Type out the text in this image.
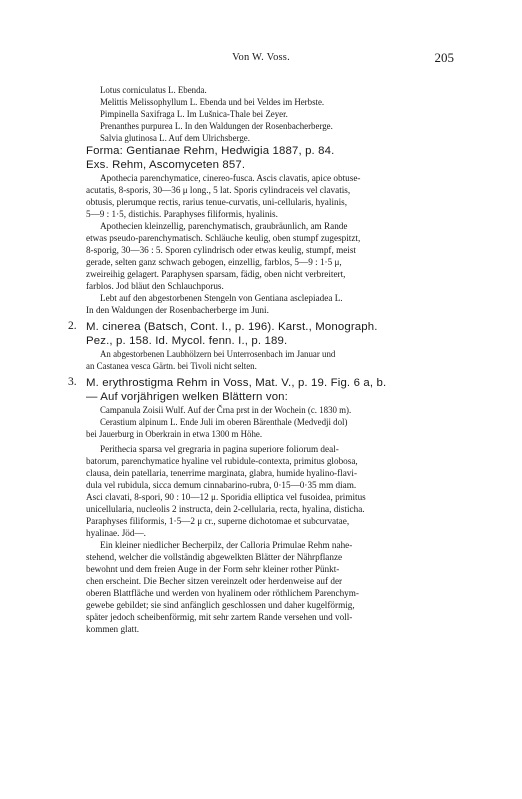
Von W. Voss.	205
Lotus corniculatus L. Ebenda.
Melittis Melissophyllum L. Ebenda und bei Veldes im Herbste.
Pimpinella Saxifraga L. Im Lušnica-Thale bei Zeyer.
Prenanthes purpurea L. In den Waldungen der Rosenbacherberge.
Salvia glutinosa L. Auf dem Ulrichsberge.
Forma: Gentianae Rehm, Hedwigia 1887, p. 84.
Exs. Rehm, Ascomyceten 857.
Apothecia parenchymatice, cinereo-fusca. Ascis clavatis, apice obtuse-
acutatis, 8-sporis, 30—36 μ long., 5 lat. Sporis cylindraceis vel clavatis,
obtusis, plerumque rectis, rarius tenue-curvatis, uni-cellularis, hyalinis,
5—9 : 1·5, distichis. Paraphyses filiformis, hyalinis.
Apothecien kleinzellig, parenchymatisch, graubräunlich, am Rande
etwas pseudo-parenchymatisch. Schläuche keulig, oben stumpf zugespitzt,
8-sporig, 30—36 : 5. Sporen cylindrisch oder etwas keulig, stumpf, meist
gerade, selten ganz schwach gebogen, einzellig, farblos, 5—9 : 1·5 μ,
zweireihig gelagert. Paraphysen sparsam, fädig, oben nicht verbreitert,
farblos. Jod bläut den Schlauchporus.
Lebt auf den abgestorbenen Stengeln von Gentiana asclepiadea L.
In den Waldungen der Rosenbacherberge im Juni.
2. M. cinerea (Batsch, Cont. I., p. 196). Karst., Monograph.
Pez., p. 158. Id. Mycol. fenn. I., p. 189.
An abgestorbenen Laubhölzern bei Unterrosenbach im Januar und
an Castanea vesca Gärtn. bei Tivoli nicht selten.
3. M. erythrostigma Rehm in Voss, Mat. V., p. 19. Fig. 6 a, b.
— Auf vorjährigen welken Blättern von:
Campanula Zoisii Wulf. Auf der Črna prst in der Wochein (c. 1830 m).
Cerastium alpinum L. Ende Juli im oberen Bärenthale (Medvedji dol)
bei Jauerburg in Oberkrain in etwa 1300 m Höhe.
Perithecia sparsa vel gregraria in pagina superiore foliorum deal-
batorum, parenchymatice hyaline vel rubidule-contexta, primitus globosa,
clausa, dein patellaria, tenerrime marginata, glabra, humide hyalino-flavi-
dula vel rubidula, sicca demum cinnabarino-rubra, 0·15—0·35 mm diam.
Asci clavati, 8-spori, 90 : 10—12 μ. Sporidia elliptica vel fusoidea, primitus
unicellularia, nucleolis 2 instructa, dein 2-cellularia, recta, hyalina, disticha.
Paraphyses filiformis, 1·5—2 μ cr., superne dichotomae et subcurvatae,
hyalinae. Jöd—.
Ein kleiner niedlicher Becherpilz, der Calloria Primulae Rehm nahe-
stehend, welcher die vollständig abgewelkten Blätter der Nährpflanze
bewohnt und dem freien Auge in der Form sehr kleiner rother Pünkt-
chen erscheint. Die Becher sitzen vereinzelt oder herdenweise auf der
oberen Blattfläche und werden von hyalinem oder röthlichem Parenchym-
gewebe gebildet; sie sind anfänglich geschlossen und daher kugelförmig,
später jedoch scheibenförmig, mit sehr zartem Rande versehen und voll-
kommen glatt.
